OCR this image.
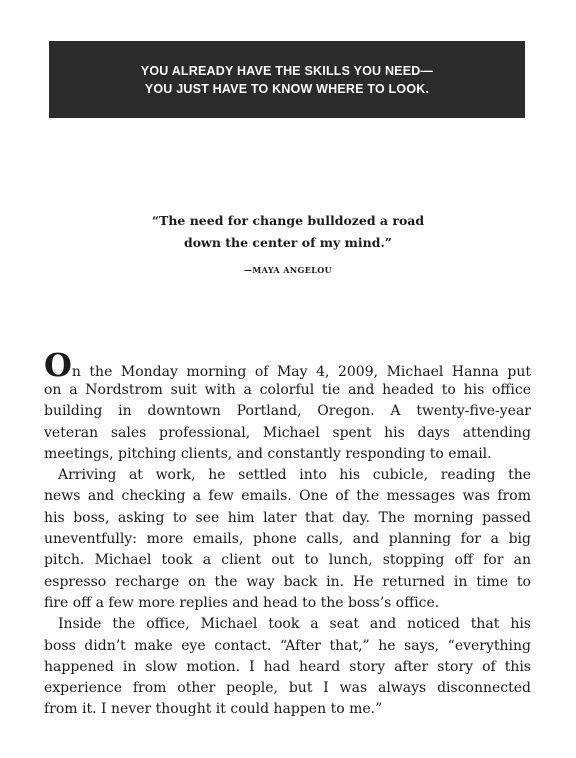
YOU ALREADY HAVE THE SKILLS YOU NEED—
YOU JUST HAVE TO KNOW WHERE TO LOOK.
“The need for change bulldozed a road
down the center of my mind.”
—MAYA ANGELOU
On the Monday morning of May 4, 2009, Michael Hanna put
on a Nordstrom suit with a colorful tie and headed to his office
building in downtown Portland, Oregon. A twenty-five-year
veteran sales professional, Michael spent his days attending
meetings, pitching clients, and constantly responding to email.
Arriving at work, he settled into his cubicle, reading the
news and checking a few emails. One of the messages was from
his boss, asking to see him later that day. The morning passed
uneventfully: more emails, phone calls, and planning for a big
pitch. Michael took a client out to lunch, stopping off for an
espresso recharge on the way back in. He returned in time to
fire off a few more replies and head to the boss’s office.
Inside the office, Michael took a seat and noticed that his
boss didn’t make eye contact. “After that,” he says, “everything
happened in slow motion. I had heard story after story of this
experience from other people, but I was always disconnected
from it. I never thought it could happen to me.”
